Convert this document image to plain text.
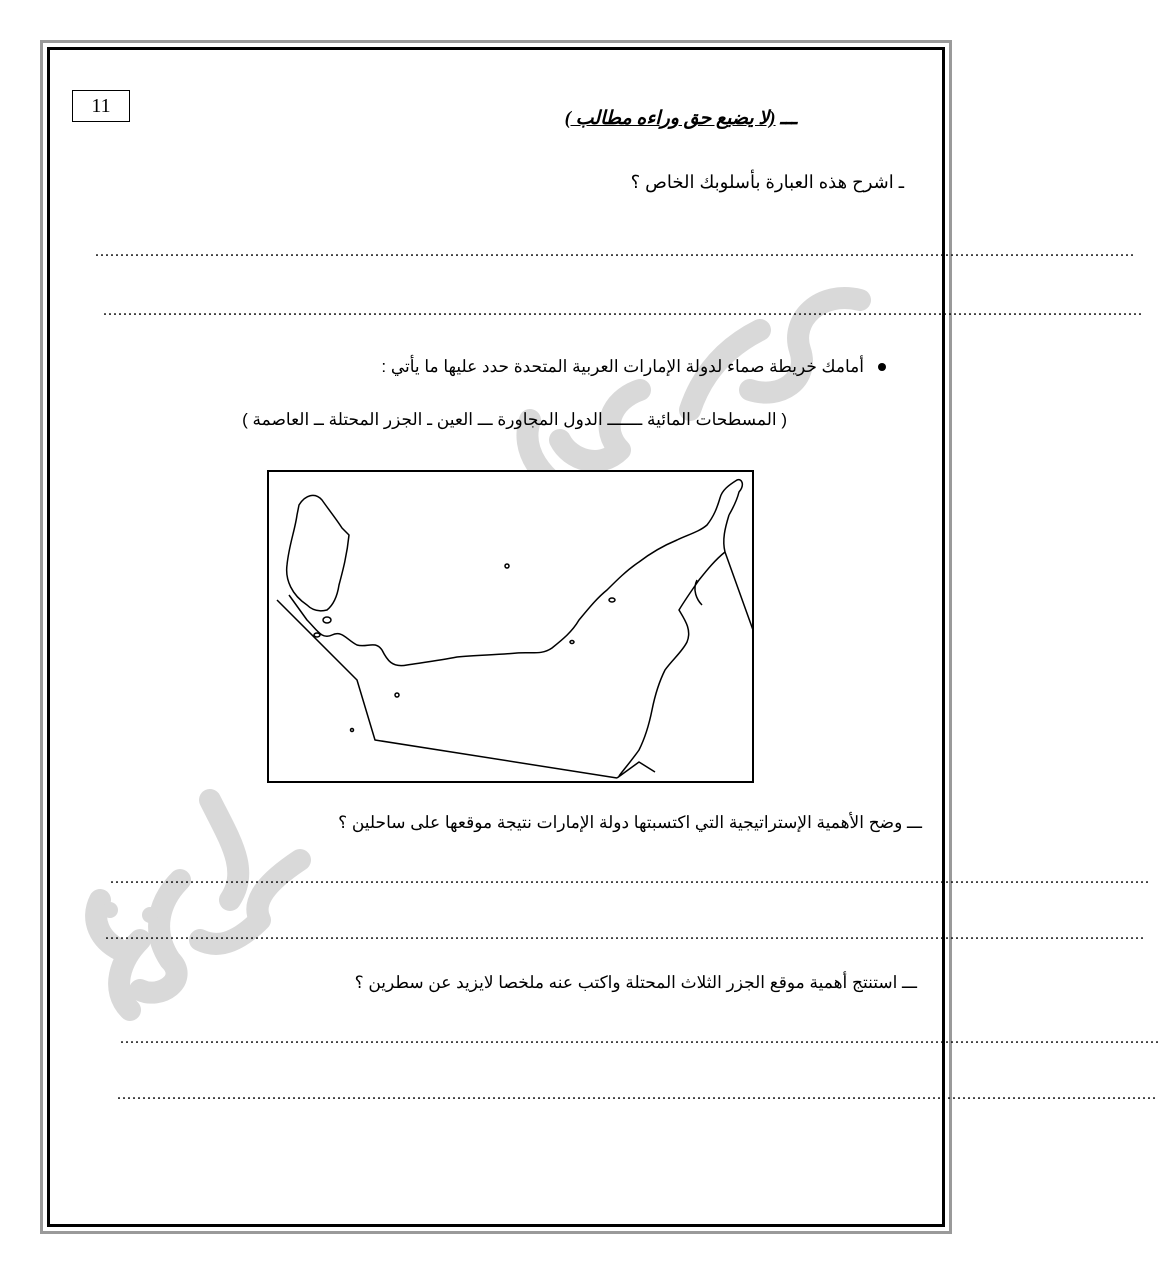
11
ـــ (لا يضيع حق وراءه مطالب )
ـ اشرح هذه العبارة بأسلوبك الخاص ؟
................................................................................................................................................................................................................
................................................................................................................................................................................................................
أمامك خريطة صماء لدولة الإمارات العربية المتحدة حدد عليها ما يأتي :
( المسطحات المائية ـــــــ الدول المجاورة ـــ العين ـ الجزر المحتلة ــ العاصمة )
ـــ وضح الأهمية الإستراتيجية التي اكتسبتها دولة الإمارات نتيجة موقعها على ساحلين ؟
................................................................................................................................................................................................................
................................................................................................................................................................................................................
ـــ استنتج أهمية موقع الجزر الثلاث المحتلة واكتب عنه ملخصا لايزيد عن سطرين ؟
................................................................................................................................................................................................................
................................................................................................................................................................................................................
